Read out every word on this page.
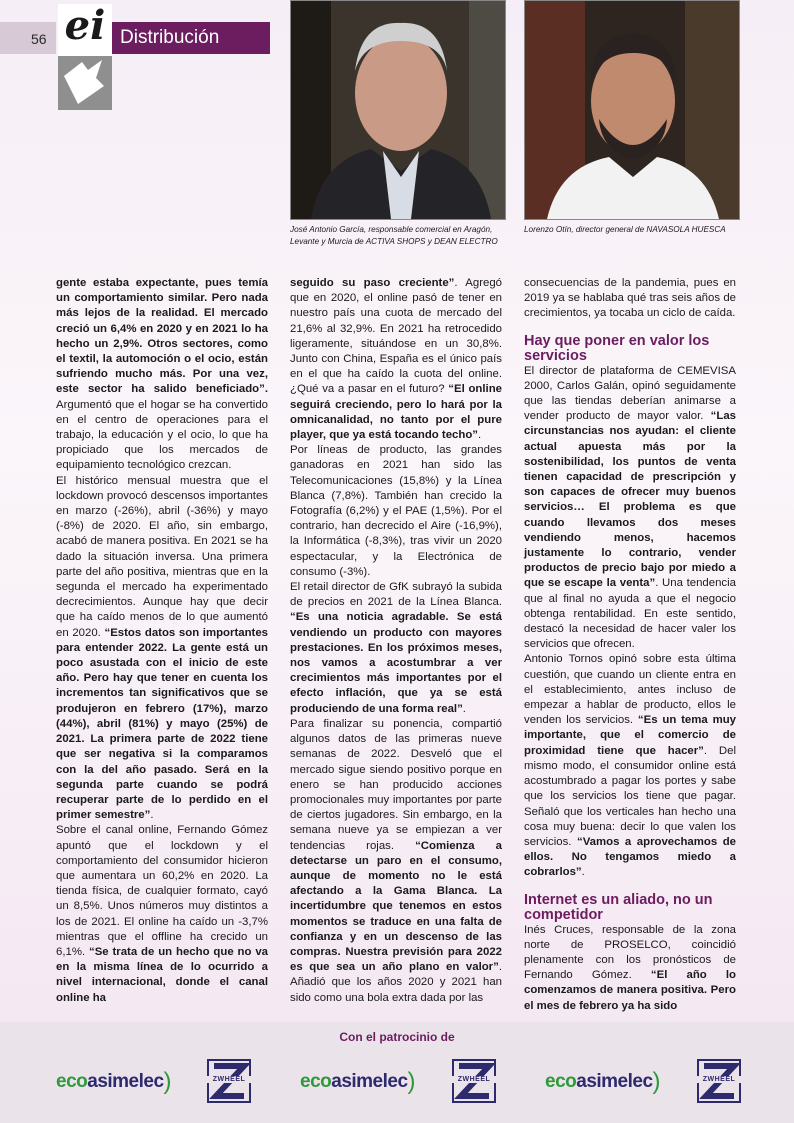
56 ei Distribución
José Antonio García, responsable comercial en Aragón, Levante y Murcia de ACTIVA SHOPS y DEAN ELECTRO
Lorenzo Otín, director general de NAVASOLA HUESCA

gente estaba expectante, pues temía un comportamiento similar. Pero nada más lejos de la realidad. El mercado creció un 6,4% en 2020 y en 2021 lo ha hecho un 2,9%. Otros sectores, como el textil, la automoción o el ocio, están sufriendo mucho más. Por una vez, este sector ha salido beneficiado”. Argumentó que el hogar se ha convertido en el centro de operaciones para el trabajo, la educación y el ocio, lo que ha propiciado que los mercados de equipamiento tecnológico crezcan.

El histórico mensual muestra que el lockdown provocó descensos importantes en marzo (-26%), abril (-36%) y mayo (-8%) de 2020. El año, sin embargo, acabó de manera positiva. En 2021 se ha dado la situación inversa. Una primera parte del año positiva, mientras que en la segunda el mercado ha experimentado decrecimientos. Aunque hay que decir que ha caído menos de lo que aumentó en 2020. “Estos datos son importantes para entender 2022. La gente está un poco asustada con el inicio de este año. Pero hay que tener en cuenta los incrementos tan significativos que se produjeron en febrero (17%), marzo (44%), abril (81%) y mayo (25%) de 2021. La primera parte de 2022 tiene que ser negativa si la comparamos con la del año pasado. Será en la segunda parte cuando se podrá recuperar parte de lo perdido en el primer semestre”.

Sobre el canal online, Fernando Gómez apuntó que el lockdown y el comportamiento del consumidor hicieron que aumentara un 60,2% en 2020. La tienda física, de cualquier formato, cayó un 8,5%. Unos números muy distintos a los de 2021. El online ha caído un -3,7% mientras que el offline ha crecido un 6,1%. “Se trata de un hecho que no va en la misma línea de lo ocurrido a nivel internacional, donde el canal online ha

seguido su paso creciente”. Agregó que en 2020, el online pasó de tener en nuestro país una cuota de mercado del 21,6% al 32,9%. En 2021 ha retrocedido ligeramente, situándose en un 30,8%. Junto con China, España es el único país en el que ha caído la cuota del online. ¿Qué va a pasar en el futuro? “El online seguirá creciendo, pero lo hará por la omnicanalidad, no tanto por el pure player, que ya está tocando techo”.

Por líneas de producto, las grandes ganadoras en 2021 han sido las Telecomunicaciones (15,8%) y la Línea Blanca (7,8%). También han crecido la Fotografía (6,2%) y el PAE (1,5%). Por el contrario, han decrecido el Aire (-16,9%), la Informática (-8,3%), tras vivir un 2020 espectacular, y la Electrónica de consumo (-3%).

El retail director de GfK subrayó la subida de precios en 2021 de la Línea Blanca. “Es una noticia agradable. Se está vendiendo un producto con mayores prestaciones. En los próximos meses, nos vamos a acostumbrar a ver crecimientos más importantes por el efecto inflación, que ya se está produciendo de una forma real”.

Para finalizar su ponencia, compartió algunos datos de las primeras nueve semanas de 2022. Desveló que el mercado sigue siendo positivo porque en enero se han producido acciones promocionales muy importantes por parte de ciertos jugadores. Sin embargo, en la semana nueve ya se empiezan a ver tendencias rojas. “Comienza a detectarse un paro en el consumo, aunque de momento no le está afectando a la Gama Blanca. La incertidumbre que tenemos en estos momentos se traduce en una falta de confianza y en un descenso de las compras. Nuestra previsión para 2022 es que sea un año plano en valor”. Añadió que los años 2020 y 2021 han sido como una bola extra dada por las

consecuencias de la pandemia, pues en 2019 ya se hablaba qué tras seis años de crecimientos, ya tocaba un ciclo de caída.

Hay que poner en valor los servicios

El director de plataforma de CEMEVISA 2000, Carlos Galán, opinó seguidamente que las tiendas deberían animarse a vender producto de mayor valor. “Las circunstancias nos ayudan: el cliente actual apuesta más por la sostenibilidad, los puntos de venta tienen capacidad de prescripción y son capaces de ofrecer muy buenos servicios… El problema es que cuando llevamos dos meses vendiendo menos, hacemos justamente lo contrario, vender productos de precio bajo por miedo a que se escape la venta”. Una tendencia que al final no ayuda a que el negocio obtenga rentabilidad. En este sentido, destacó la necesidad de hacer valer los servicios que ofrecen.

Antonio Tornos opinó sobre esta última cuestión, que cuando un cliente entra en el establecimiento, antes incluso de empezar a hablar de producto, ellos le venden los servicios. “Es un tema muy importante, que el comercio de proximidad tiene que hacer”. Del mismo modo, el consumidor online está acostumbrado a pagar los portes y sabe que los servicios los tiene que pagar. Señaló que los verticales han hecho una cosa muy buena: decir lo que valen los servicios. “Vamos a aprovechamos de ellos. No tengamos miedo a cobrarlos”.

Internet es un aliado, no un competidor

Inés Cruces, responsable de la zona norte de PROSELCO, coincidió plenamente con los pronósticos de Fernando Gómez. “El año lo comenzamos de manera positiva. Pero el mes de febrero ya ha sido

Con el patrocinio de
ecoasimelec)	ZWHEEL	ecoasimelec)	ZWHEEL	ecoasimelec)	ZWHEEL
